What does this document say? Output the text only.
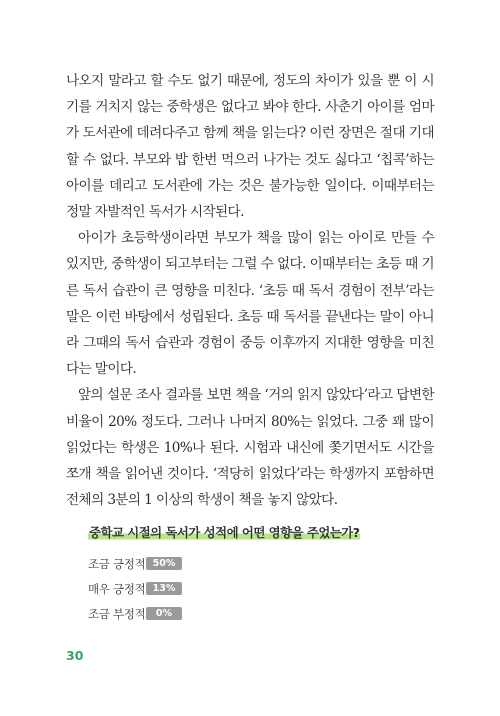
나오지 말라고 할 수도 없기 때문에, 정도의 차이가 있을 뿐 이 시기를 거치지 않는 중학생은 없다고 봐야 한다. 사춘기 아이를 엄마가 도서관에 데려다주고 함께 책을 읽는다? 이런 장면은 절대 기대할 수 없다. 부모와 밥 한번 먹으러 나가는 것도 싫다고 ‘칩콕’하는 아이를 데리고 도서관에 가는 것은 불가능한 일이다. 이때부터는 정말 자발적인 독서가 시작된다.

아이가 초등학생이라면 부모가 책을 많이 읽는 아이로 만들 수 있지만, 중학생이 되고부터는 그럴 수 없다. 이때부터는 초등 때 기른 독서 습관이 큰 영향을 미친다. ‘초등 때 독서 경험이 전부’라는 말은 이런 바탕에서 성립된다. 초등 때 독서를 끝낸다는 말이 아니라 그때의 독서 습관과 경험이 중등 이후까지 지대한 영향을 미친다는 말이다.

앞의 설문 조사 결과를 보면 책을 ‘거의 읽지 않았다’라고 답변한 비율이 20% 정도다. 그러나 나머지 80%는 읽었다. 그중 꽤 많이 읽었다는 학생은 10%나 된다. 시험과 내신에 쫓기면서도 시간을 쪼개 책을 읽어낸 것이다. ‘적당히 읽었다’라는 학생까지 포함하면 전체의 3분의 1 이상의 학생이 책을 놓지 않았다.

중학교 시절의 독서가 성적에 어떤 영향을 주었는가?
조금 긍정적 50%
매우 긍정적 13%
조금 부정적	0%
30
